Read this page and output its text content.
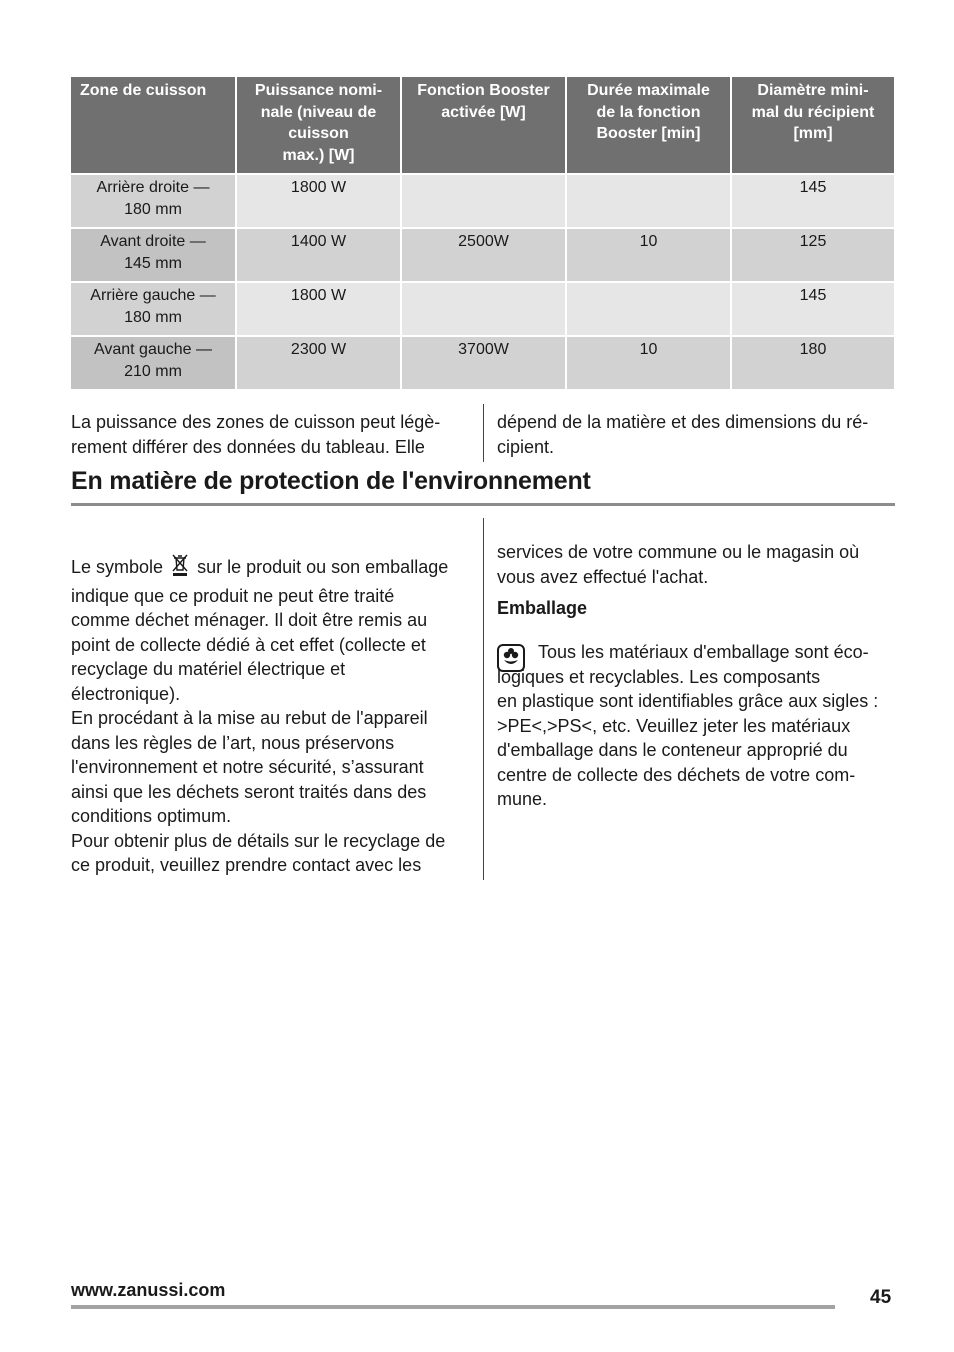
Zone de cuisson	Puissance nomi-
nale (niveau de
cuisson
max.) [W]	Fonction Booster
activée [W]	Durée maximale
de la fonction
Booster [min]	Diamètre mini-
mal du récipient
[mm]
Arrière droite —
180 mm	1800 W			145
Avant droite —
145 mm	1400 W	2500W	10	125
Arrière gauche —
180 mm	1800 W			145
Avant gauche —
210 mm	2300 W	3700W	10	180

La puissance des zones de cuisson peut légè-
rement différer des données du tableau. Elle

dépend de la matière et des dimensions du ré-
cipient.

En matière de protection de l'environnement

Le symbole  sur le produit ou son emballage
indique que ce produit ne peut être traité
comme déchet ménager. Il doit être remis au
point de collecte dédié à cet effet (collecte et
recyclage du matériel électrique et
électronique).
En procédant à la mise au rebut de l'appareil
dans les règles de l’art, nous préservons
l'environnement et notre sécurité, s’assurant
ainsi que les déchets seront traités dans des
conditions optimum.
Pour obtenir plus de détails sur le recyclage de
ce produit, veuillez prendre contact avec les

services de votre commune ou le magasin où
vous avez effectué l'achat.

Emballage

Tous les matériaux d'emballage sont éco-
logiques et recyclables. Les composants
en plastique sont identifiables grâce aux sigles :
>PE<,>PS<, etc. Veuillez jeter les matériaux
d'emballage dans le conteneur approprié du
centre de collecte des déchets de votre com-
mune.

www.zanussi.com	45
